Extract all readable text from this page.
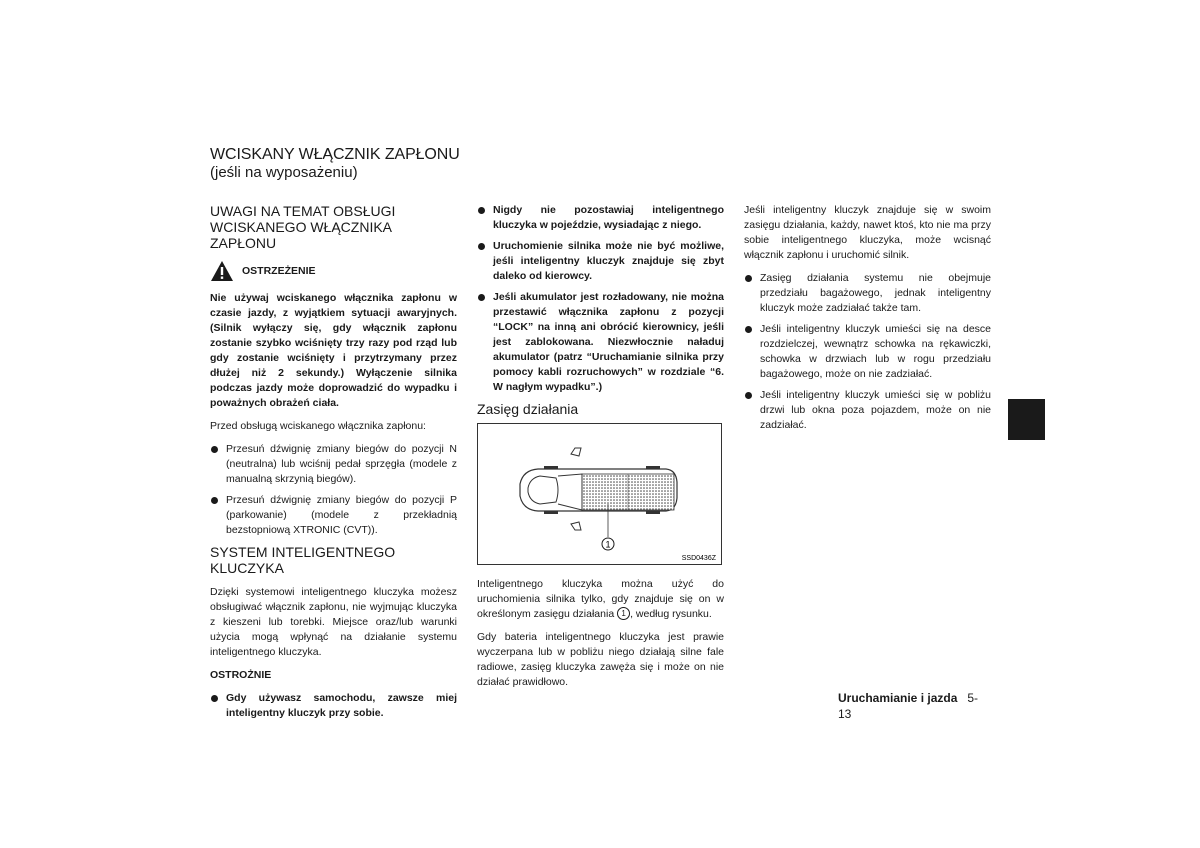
WCISKANY WŁĄCZNIK ZAPŁONU
(jeśli na wyposażeniu)
UWAGI NA TEMAT OBSŁUGI WCISKANEGO WŁĄCZNIKA ZAPŁONU
OSTRZEŻENIE

Nie używaj wciskanego włącznika zapłonu w czasie jazdy, z wyjątkiem sytuacji awaryjnych. (Silnik wyłączy się, gdy włącznik zapłonu zostanie szybko wciśnięty trzy razy pod rząd lub gdy zostanie wciśnięty i przytrzymany przez dłużej niż 2 sekundy.) Wyłączenie silnika podczas jazdy może doprowadzić do wypadku i poważnych obrażeń ciała.

Przed obsługą wciskanego włącznika zapłonu:

Przesuń dźwignię zmiany biegów do pozycji N (neutralna) lub wciśnij pedał sprzęgła (modele z manualną skrzynią biegów).
Przesuń dźwignię zmiany biegów do pozycji P (parkowanie) (modele z przekładnią bezstopniową XTRONIC (CVT)).
SYSTEM INTELIGENTNEGO KLUCZYKA

Dzięki systemowi inteligentnego kluczyka możesz obsługiwać włącznik zapłonu, nie wyjmując kluczyka z kieszeni lub torebki. Miejsce oraz/lub warunki użycia mogą wpłynąć na działanie systemu inteligentnego kluczyka.

OSTROŻNIE

Gdy używasz samochodu, zawsze miej inteligentny kluczyk przy sobie.
Nigdy nie pozostawiaj inteligentnego kluczyka w pojeździe, wysiadając z niego.
Uruchomienie silnika może nie być możliwe, jeśli inteligentny kluczyk znajduje się zbyt daleko od kierowcy.
Jeśli akumulator jest rozładowany, nie można przestawić włącznika zapłonu z pozycji “LOCK” na inną ani obrócić kierownicy, jeśli jest zablokowana. Niezwłocznie naładuj akumulator (patrz “Uruchamianie silnika przy pomocy kabli rozruchowych” w rozdziale “6. W nagłym wypadku”.)
Zasięg działania
1
SSD0436Z

Inteligentnego kluczyka można użyć do uruchomienia silnika tylko, gdy znajduje się on w określonym zasięgu działania 1 , według rysunku.

Gdy bateria inteligentnego kluczyka jest prawie wyczerpana lub w pobliżu niego działają silne fale radiowe, zasięg kluczyka zawęża się i może on nie działać prawidłowo.

Jeśli inteligentny kluczyk znajduje się w swoim zasięgu działania, każdy, nawet ktoś, kto nie ma przy sobie inteligentnego kluczyka, może wcisnąć włącznik zapłonu i uruchomić silnik.

Zasięg działania systemu nie obejmuje przedziału bagażowego, jednak inteligentny kluczyk może zadziałać także tam.
Jeśli inteligentny kluczyk umieści się na desce rozdzielczej, wewnątrz schowka na rękawiczki, schowka w drzwiach lub w rogu przedziału bagażowego, może on nie zadziałać.
Jeśli inteligentny kluczyk umieści się w pobliżu drzwi lub okna poza pojazdem, może on nie zadziałać.
Uruchamianie i jazda 5-13
